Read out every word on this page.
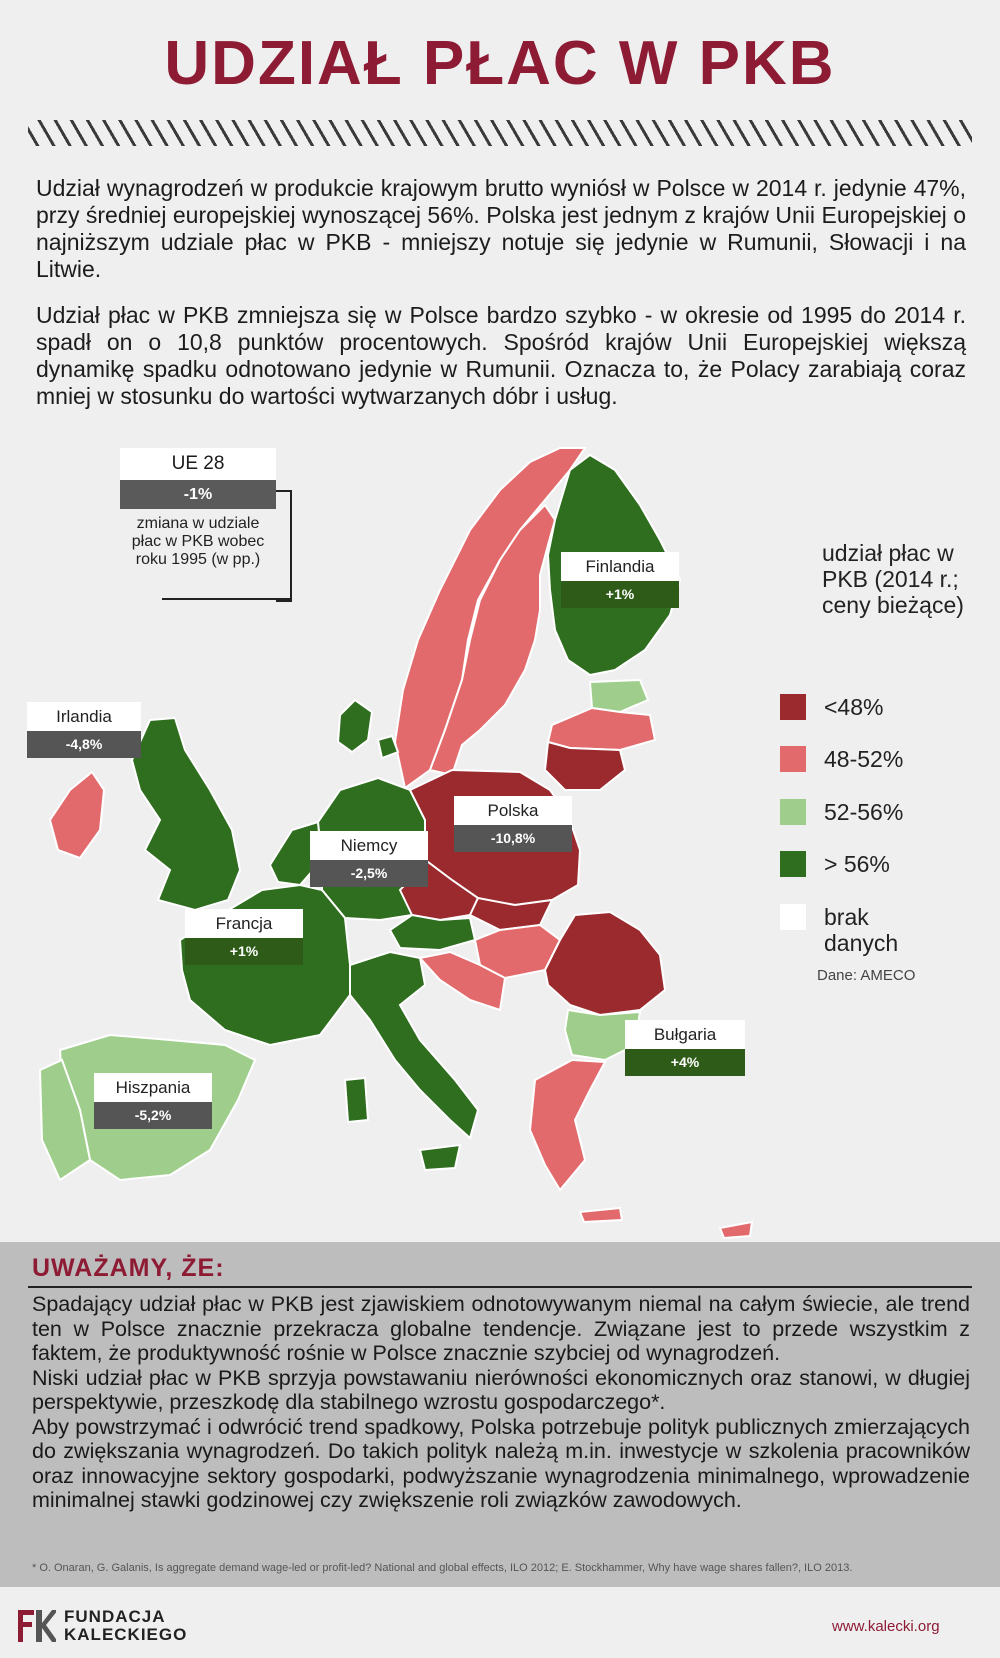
UDZIAŁ PŁAC W PKB

Udział wynagrodzeń w produkcie krajowym brutto wyniósł w Polsce w 2014 r. jedynie 47%, przy średniej europejskiej wynoszącej 56%. Polska jest jednym z krajów Unii Europejskiej o najniższym udziale płac w PKB - mniejszy notuje się jedynie w Rumunii, Słowacji i na Litwie.

Udział płac w PKB zmniejsza się w Polsce bardzo szybko - w okresie od 1995 do 2014 r. spadł on o 10,8 punktów procentowych. Spośród krajów Unii Europejskiej większą dynamikę spadku odnotowano jedynie w Rumunii. Oznacza to, że Polacy zarabiają coraz mniej w stosunku do wartości wytwarzanych dóbr i usług.

UE 28
-1%
zmiana w udziale płac w PKB wobec roku 1995 (w pp.)	Finlandia
+1%
Irlandia
-4,8%
Polska
-10,8%
Niemcy
-2,5%
Francja
+1%
Bułgaria
+4%
Hiszpania
-5,2%

udział płac w PKB (2014 r.; ceny bieżące)

<48%
48-52%
52-56%
> 56%
brak danych
Dane: AMECO
UWAŻAMY, ŻE:

Spadający udział płac w PKB jest zjawiskiem odnotowywanym niemal na całym świecie, ale trend ten w Polsce znacznie przekracza globalne tendencje. Związane jest to przede wszystkim z faktem, że produktywność rośnie w Polsce znacznie szybciej od wynagrodzeń.

Niski udział płac w PKB sprzyja powstawaniu nierówności ekonomicznych oraz stanowi, w długiej perspektywie, przeszkodę dla stabilnego wzrostu gospodarczego*.

Aby powstrzymać i odwrócić trend spadkowy, Polska potrzebuje polityk publicznych zmierzających do zwiększania wynagrodzeń. Do takich polityk należą m.in. inwestycje w szkolenia pracowników oraz innowacyjne sektory gospodarki, podwyższanie wynagrodzenia minimalnego, wprowadzenie minimalnej stawki godzinowej czy zwiększenie roli związków zawodowych.

* O. Onaran, G. Galanis, Is aggregate demand wage-led or profit-led? National and global effects, ILO 2012; E. Stockhammer, Why have wage shares fallen?, ILO 2013.
FUNDACJA
KALECKIEGO	www.kalecki.org
